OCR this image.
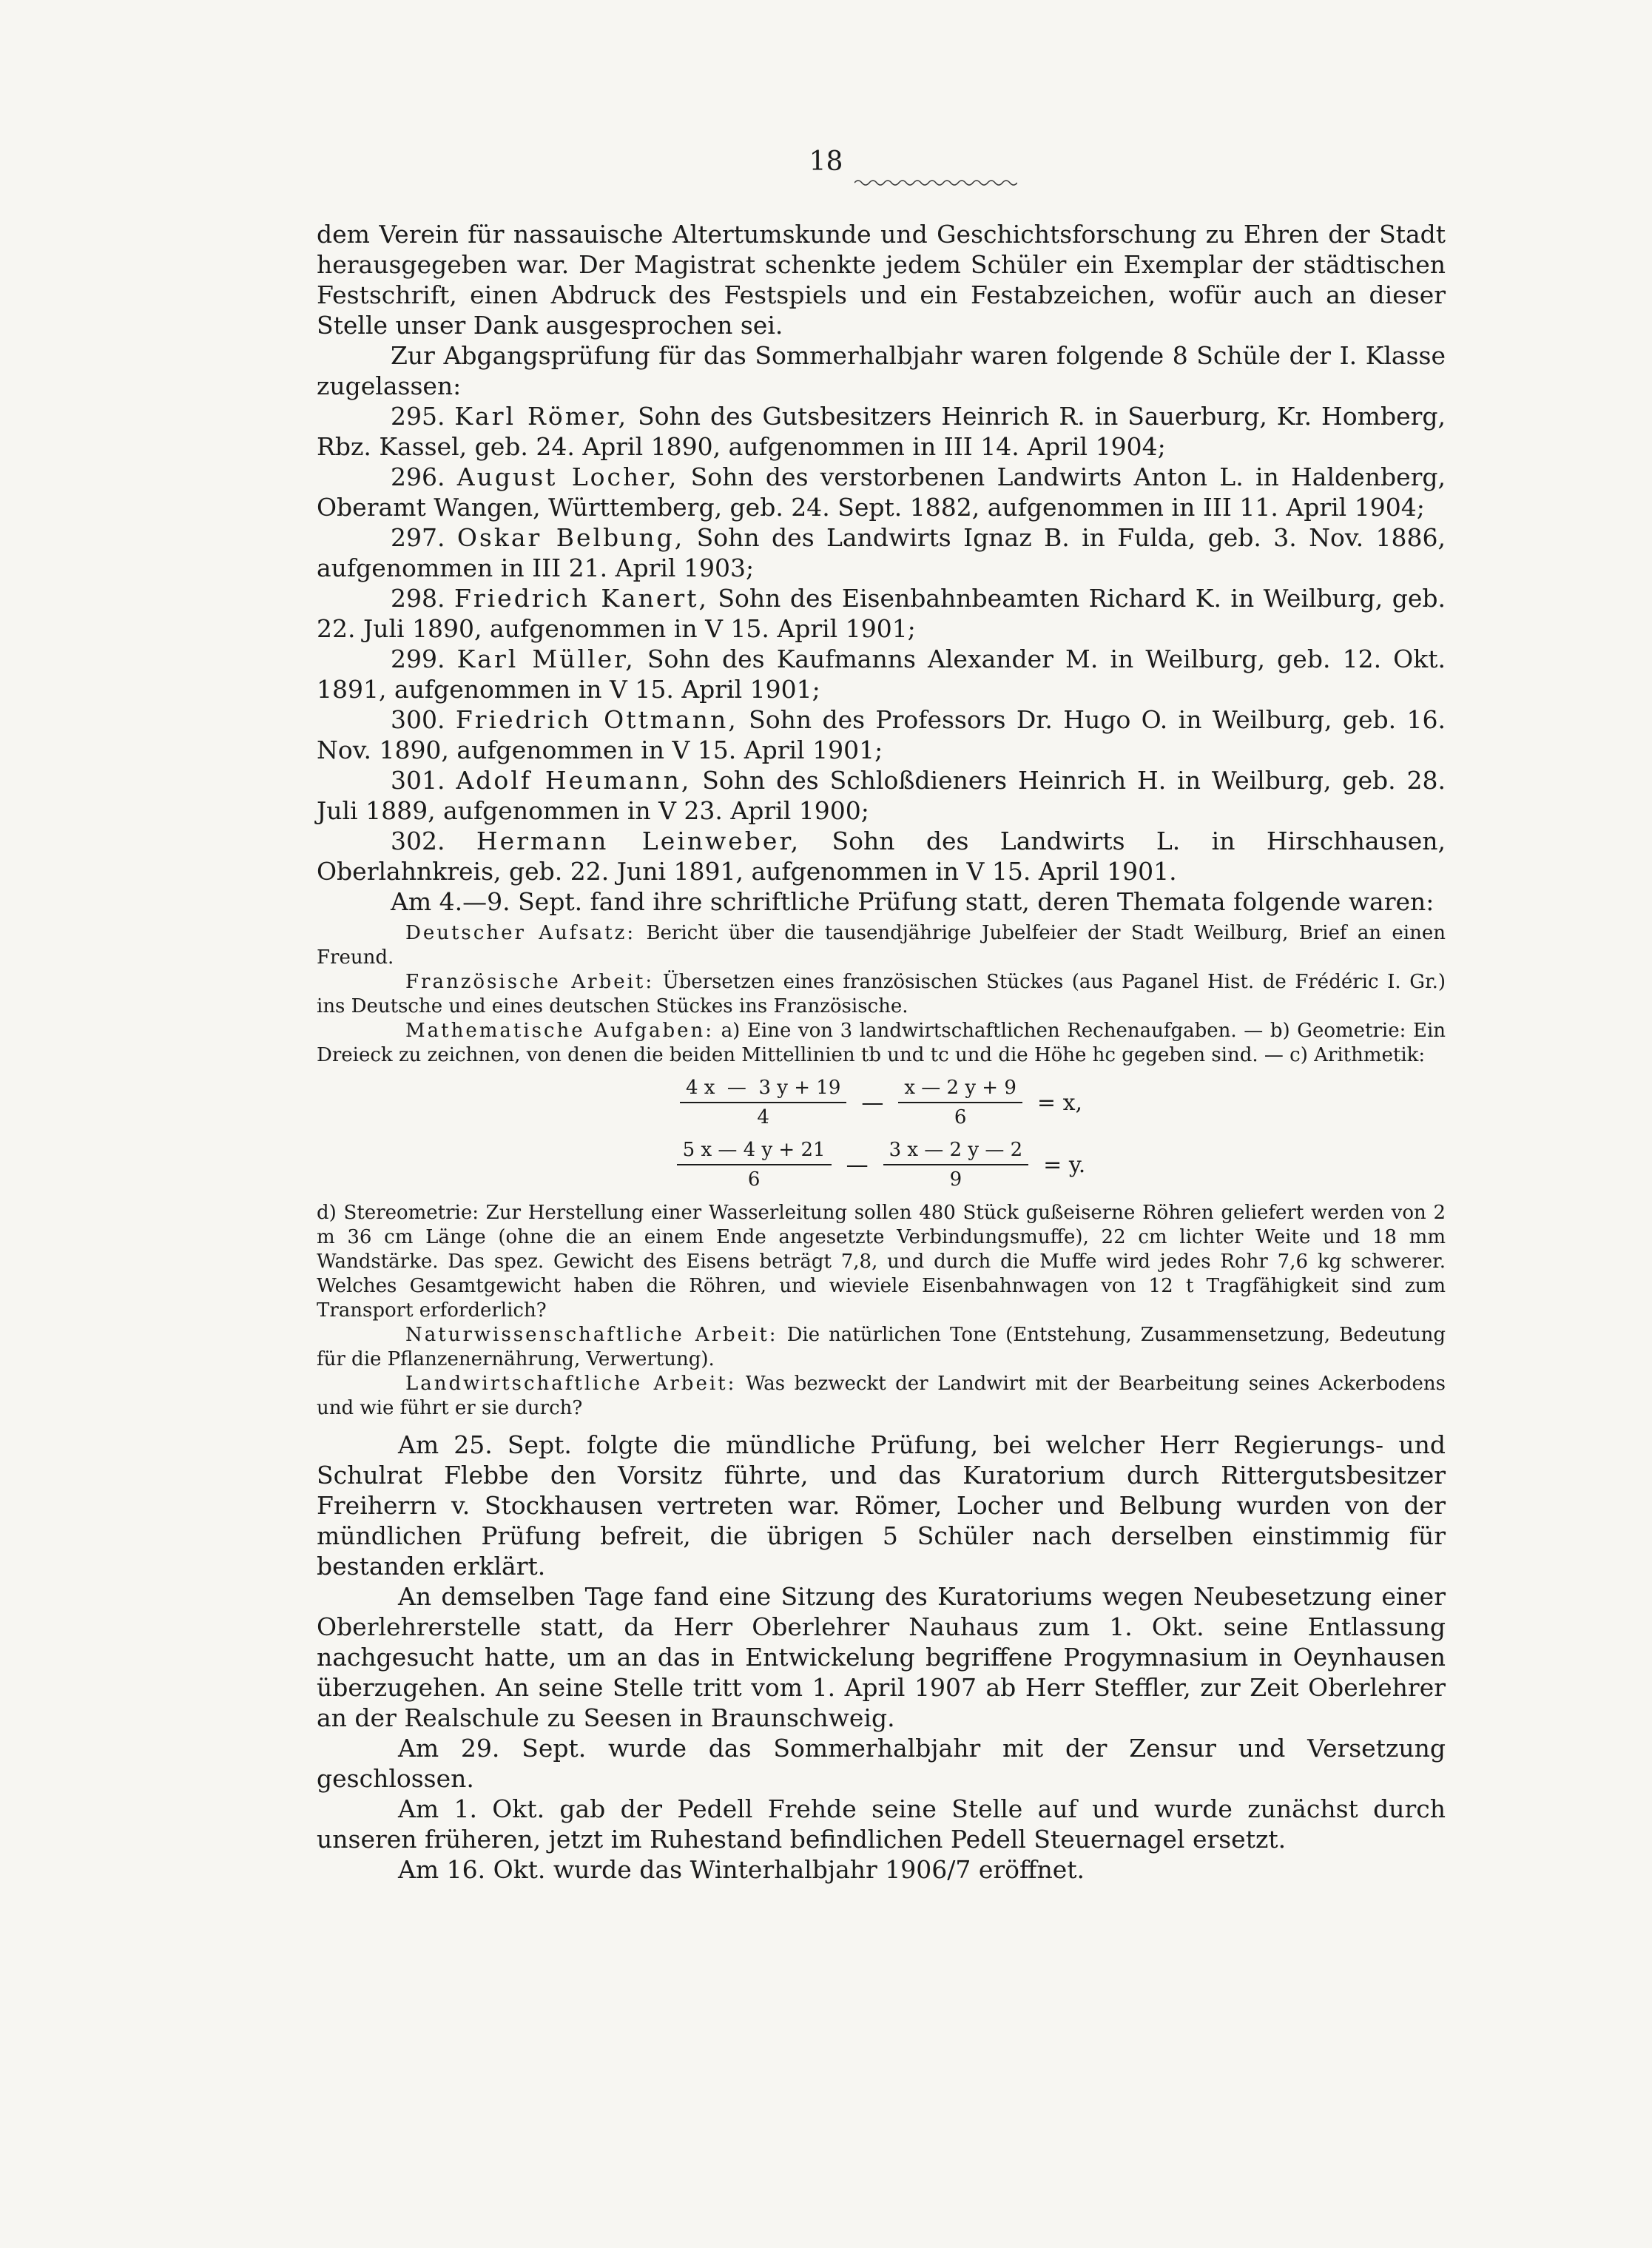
18

dem Verein für nassauische Altertumskunde und Geschichtsforschung zu Ehren der Stadt herausgegeben war. Der Magistrat schenkte jedem Schüler ein Exemplar der städtischen Festschrift, einen Abdruck des Festspiels und ein Festabzeichen, wofür auch an dieser Stelle unser Dank ausgesprochen sei.

Zur Abgangsprüfung für das Sommerhalbjahr waren folgende 8 Schüle der I. Klasse zugelassen:

295. Karl Römer, Sohn des Gutsbesitzers Heinrich R. in Sauerburg, Kr. Homberg, Rbz. Kassel, geb. 24. April 1890, aufgenommen in III 14. April 1904;

296. August Locher, Sohn des verstorbenen Landwirts Anton L. in Haldenberg, Oberamt Wangen, Württemberg, geb. 24. Sept. 1882, aufgenommen in III 11. April 1904;

297. Oskar Belbung, Sohn des Landwirts Ignaz B. in Fulda, geb. 3. Nov. 1886, aufgenommen in III 21. April 1903;

298. Friedrich Kanert, Sohn des Eisenbahnbeamten Richard K. in Weilburg, geb. 22. Juli 1890, aufgenommen in V 15. April 1901;

299. Karl Müller, Sohn des Kaufmanns Alexander M. in Weilburg, geb. 12. Okt. 1891, aufgenommen in V 15. April 1901;

300. Friedrich Ottmann, Sohn des Professors Dr. Hugo O. in Weilburg, geb. 16. Nov. 1890, aufgenommen in V 15. April 1901;

301. Adolf Heumann, Sohn des Schloßdieners Heinrich H. in Weilburg, geb. 28. Juli 1889, aufgenommen in V 23. April 1900;

302. Hermann Leinweber, Sohn des Landwirts L. in Hirschhausen, Oberlahnkreis, geb. 22. Juni 1891, aufgenommen in V 15. April 1901.

Am 4.—9. Sept. fand ihre schriftliche Prüfung statt, deren Themata folgende waren:

Deutscher Aufsatz: Bericht über die tausendjährige Jubelfeier der Stadt Weilburg, Brief an einen Freund.

Französische Arbeit: Übersetzen eines französischen Stückes (aus Paganel Hist. de Frédéric I. Gr.) ins Deutsche und eines deutschen Stückes ins Französische.

Mathematische Aufgaben: a) Eine von 3 landwirtschaftlichen Rechenaufgaben. — b) Geometrie: Ein Dreieck zu zeichnen, von denen die beiden Mittellinien tb und tc und die Höhe hc gegeben sind. — c) Arithmetik:

$\frac{4 x — 3 y + 19}{4}$ — $\frac{x — 2 y + 9}{6} = x$,
$\frac{5 x — 4 y + 21}{6}$ — $\frac{3 x — 2 y — 2}{9} = y$.

d) Stereometrie: Zur Herstellung einer Wasserleitung sollen 480 Stück gußeiserne Röhren geliefert werden von 2 m 36 cm Länge (ohne die an einem Ende angesetzte Verbindungsmuffe), 22 cm lichter Weite und 18 mm Wandstärke. Das spez. Gewicht des Eisens beträgt 7,8, und durch die Muffe wird jedes Rohr 7,6 kg schwerer. Welches Gesamtgewicht haben die Röhren, und wieviele Eisenbahnwagen von 12 t Tragfähigkeit sind zum Transport erforderlich?

Naturwissenschaftliche Arbeit: Die natürlichen Tone (Entstehung, Zusammensetzung, Bedeutung für die Pflanzenernährung, Verwertung).

Landwirtschaftliche Arbeit: Was bezweckt der Landwirt mit der Bearbeitung seines Ackerbodens und wie führt er sie durch?

Am 25. Sept. folgte die mündliche Prüfung, bei welcher Herr Regierungs- und Schulrat Flebbe den Vorsitz führte, und das Kuratorium durch Rittergutsbesitzer Freiherrn v. Stockhausen vertreten war. Römer, Locher und Belbung wurden von der mündlichen Prüfung befreit, die übrigen 5 Schüler nach derselben einstimmig für bestanden erklärt.

An demselben Tage fand eine Sitzung des Kuratoriums wegen Neubesetzung einer Oberlehrerstelle statt, da Herr Oberlehrer Nauhaus zum 1. Okt. seine Entlassung nachgesucht hatte, um an das in Entwickelung begriffene Progymnasium in Oeynhausen überzugehen. An seine Stelle tritt vom 1. April 1907 ab Herr Steffler, zur Zeit Oberlehrer an der Realschule zu Seesen in Braunschweig.

Am 29. Sept. wurde das Sommerhalbjahr mit der Zensur und Versetzung geschlossen.

Am 1. Okt. gab der Pedell Frehde seine Stelle auf und wurde zunächst durch unseren früheren, jetzt im Ruhestand befindlichen Pedell Steuernagel ersetzt.

Am 16. Okt. wurde das Winterhalbjahr 1906/7 eröffnet.
